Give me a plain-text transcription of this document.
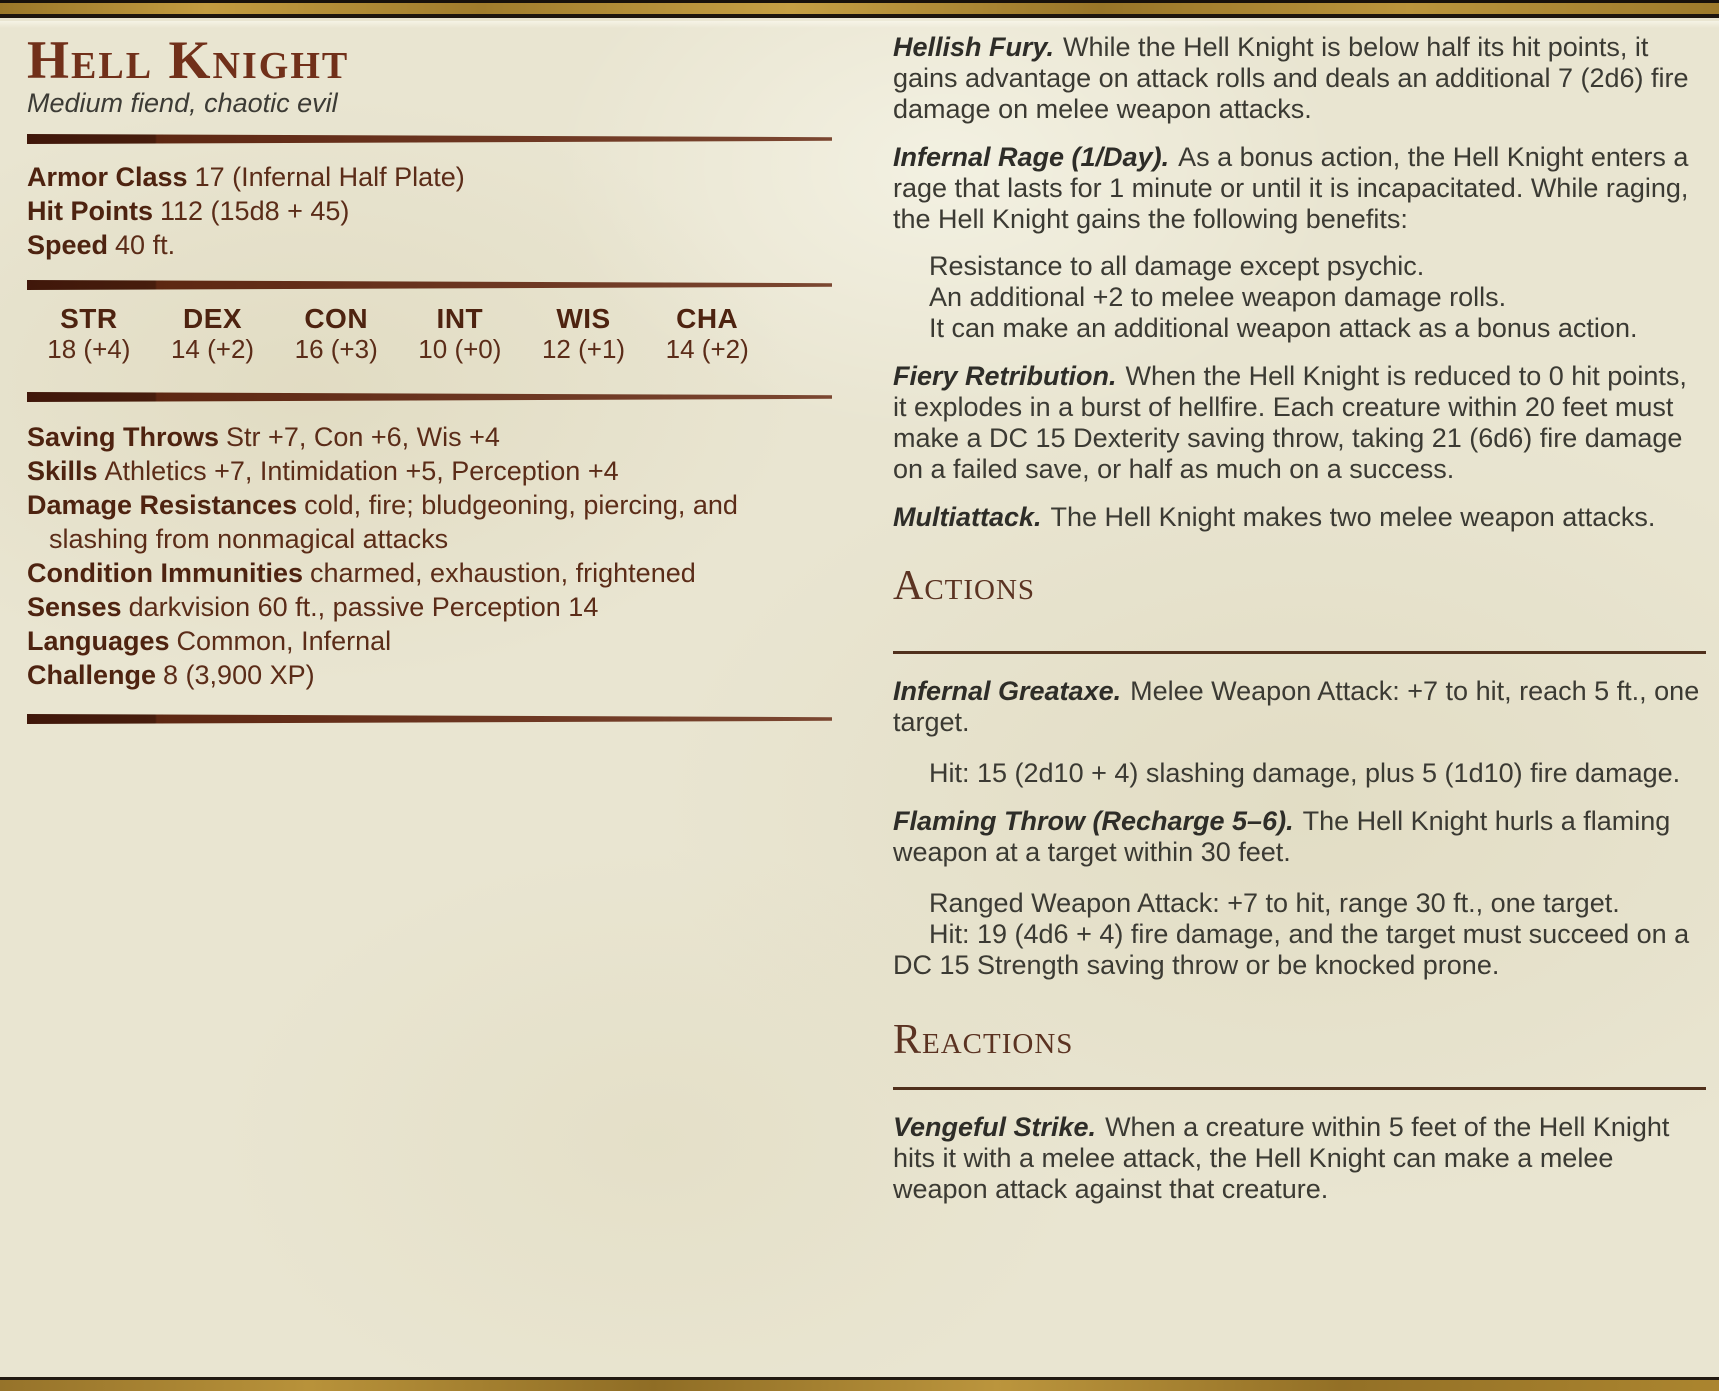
Hell Knight

Medium fiend, chaotic evil

Armor Class 17 (Infernal Half Plate)

Hit Points 112 (15d8 + 45)

Speed 40 ft.

STR
18 (+4)
DEX
14 (+2)
CON
16 (+3)
INT
10 (+0)
WIS
12 (+1)
CHA
14 (+2)

Saving Throws Str +7, Con +6, Wis +4

Skills Athletics +7, Intimidation +5, Perception +4

Damage Resistances cold, fire; bludgeoning, piercing, and slashing from nonmagical attacks

Condition Immunities charmed, exhaustion, frightened

Senses darkvision 60 ft., passive Perception 14

Languages Common, Infernal

Challenge 8 (3,900 XP)

Hellish Fury. While the Hell Knight is below half its hit points, it gains advantage on attack rolls and deals an additional 7 (2d6) fire damage on melee weapon attacks.

Infernal Rage (1/Day). As a bonus action, the Hell Knight enters a rage that lasts for 1 minute or until it is incapacitated. While raging, the Hell Knight gains the following benefits:

Resistance to all damage except psychic.

An additional +2 to melee weapon damage rolls.

It can make an additional weapon attack as a bonus action.

Fiery Retribution. When the Hell Knight is reduced to 0 hit points, it explodes in a burst of hellfire. Each creature within 20 feet must make a DC 15 Dexterity saving throw, taking 21 (6d6) fire damage on a failed save, or half as much on a success.

Multiattack. The Hell Knight makes two melee weapon attacks.

Actions

Infernal Greataxe. Melee Weapon Attack: +7 to hit, reach 5 ft., one target.

Hit: 15 (2d10 + 4) slashing damage, plus 5 (1d10) fire damage.

Flaming Throw (Recharge 5–6). The Hell Knight hurls a flaming weapon at a target within 30 feet.

Ranged Weapon Attack: +7 to hit, range 30 ft., one target.

Hit: 19 (4d6 + 4) fire damage, and the target must succeed on a DC 15 Strength saving throw or be knocked prone.

Reactions

Vengeful Strike. When a creature within 5 feet of the Hell Knight hits it with a melee attack, the Hell Knight can make a melee weapon attack against that creature.
